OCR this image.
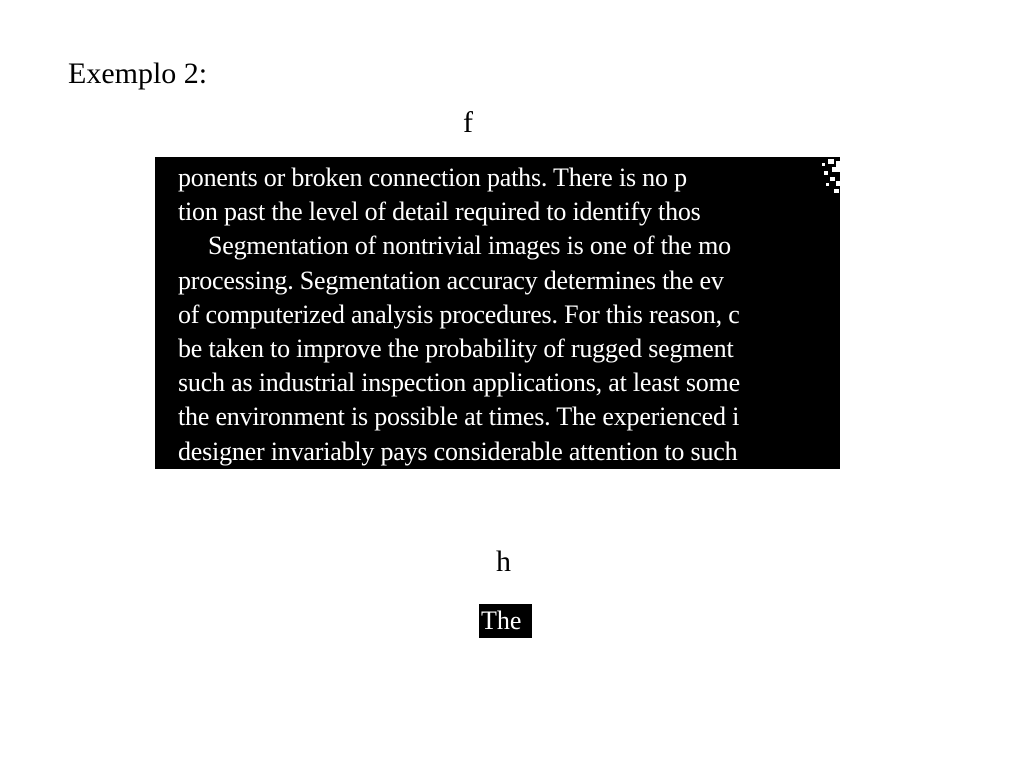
Exemplo 2:
f
ponents or broken connection paths. There is no p
tion past the level of detail required to identify thos
Segmentation of nontrivial images is one of the mo
processing. Segmentation accuracy determines the ev
of computerized analysis procedures. For this reason, c
be taken to improve the probability of rugged segment
such as industrial inspection applications, at least some
the environment is possible at times. The experienced i
designer invariably pays considerable attention to such
h
The
